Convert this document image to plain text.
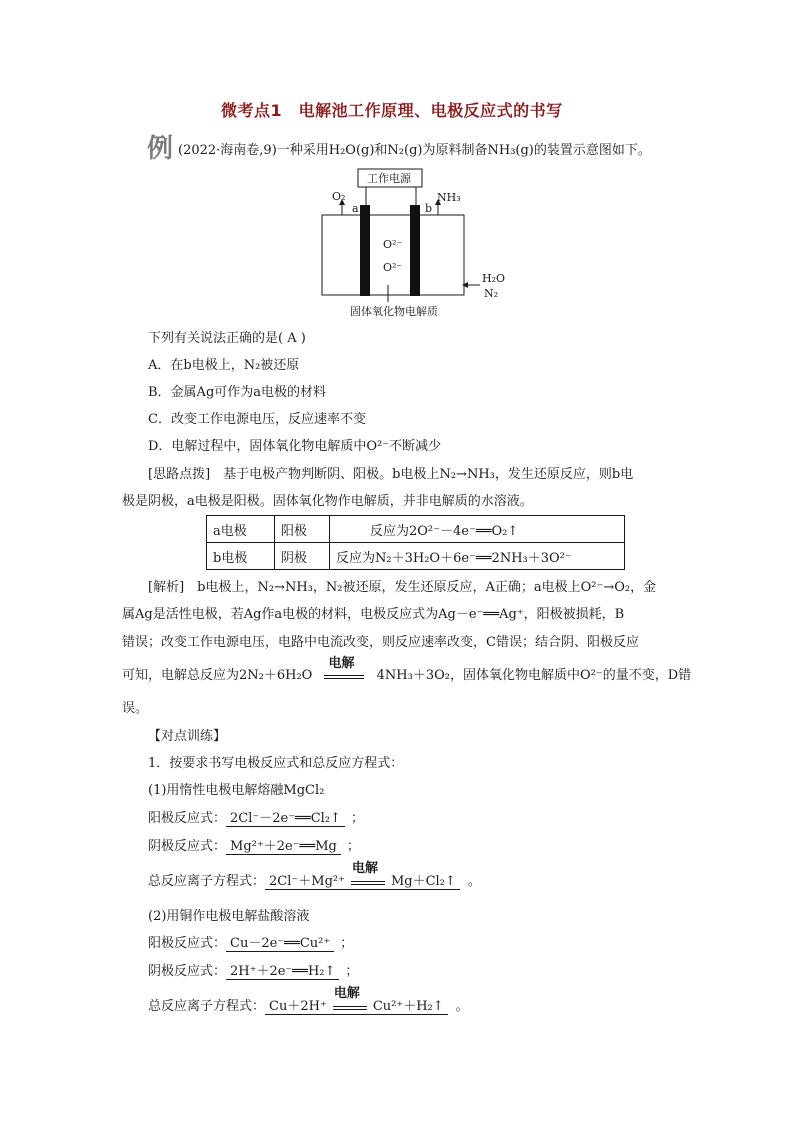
微考点1　电解池工作原理、电极反应式的书写
例 (2022·海南卷,9)一种采用H₂O(g)和N₂(g)为原料制备NH₃(g)的装置示意图如下。
工作电源
O₂
a	b
NH₃
O²⁻
O²⁻
H₂O
N₂
固体氧化物电解质
下列有关说法正确的是( A )
A．在b电极上，N₂被还原
B．金属Ag可作为a电极的材料
C．改变工作电源电压，反应速率不变
D．电解过程中，固体氧化物电解质中O²⁻不断减少
[思路点拨]　基于电极产物判断阴、阳极。b电极上N₂→NH₃，发生还原反应，则b电
极是阴极，a电极是阳极。固体氧化物作电解质，并非电解质的水溶液。
a电极	阳极	反应为2O²⁻－4e⁻══O₂↑
b电极	阴极	反应为N₂＋3H₂O＋6e⁻══2NH₃＋3O²⁻
[解析]　b电极上，N₂→NH₃，N₂被还原，发生还原反应，A正确；a电极上O²⁻→O₂，金
属Ag是活性电极，若Ag作a电极的材料，电极反应式为Ag－e⁻══Ag⁺，阳极被损耗，B
错误；改变工作电源电压，电路中电流改变，则反应速率改变，C错误；结合阴、阳极反应
可知，电解总反应为2N₂＋6H₂O
电解
4NH₃＋3O₂，固体氧化物电解质中O²⁻的量不变，D错
误。
【对点训练】
1．按要求书写电极反应式和总反应方程式：
(1)用惰性电极电解熔融MgCl₂
阳极反应式： 2Cl⁻－2e⁻══Cl₂↑ ；
阴极反应式： Mg²⁺＋2e⁻══Mg ；
总反应离子方程式： 2Cl⁻＋Mg²⁺
电解
Mg＋Cl₂↑ 。
(2)用铜作电极电解盐酸溶液
阳极反应式： Cu－2e⁻══Cu²⁺ ；
阴极反应式： 2H⁺＋2e⁻══H₂↑ ；
总反应离子方程式： Cu＋2H⁺
电解
Cu²⁺＋H₂↑ 。
